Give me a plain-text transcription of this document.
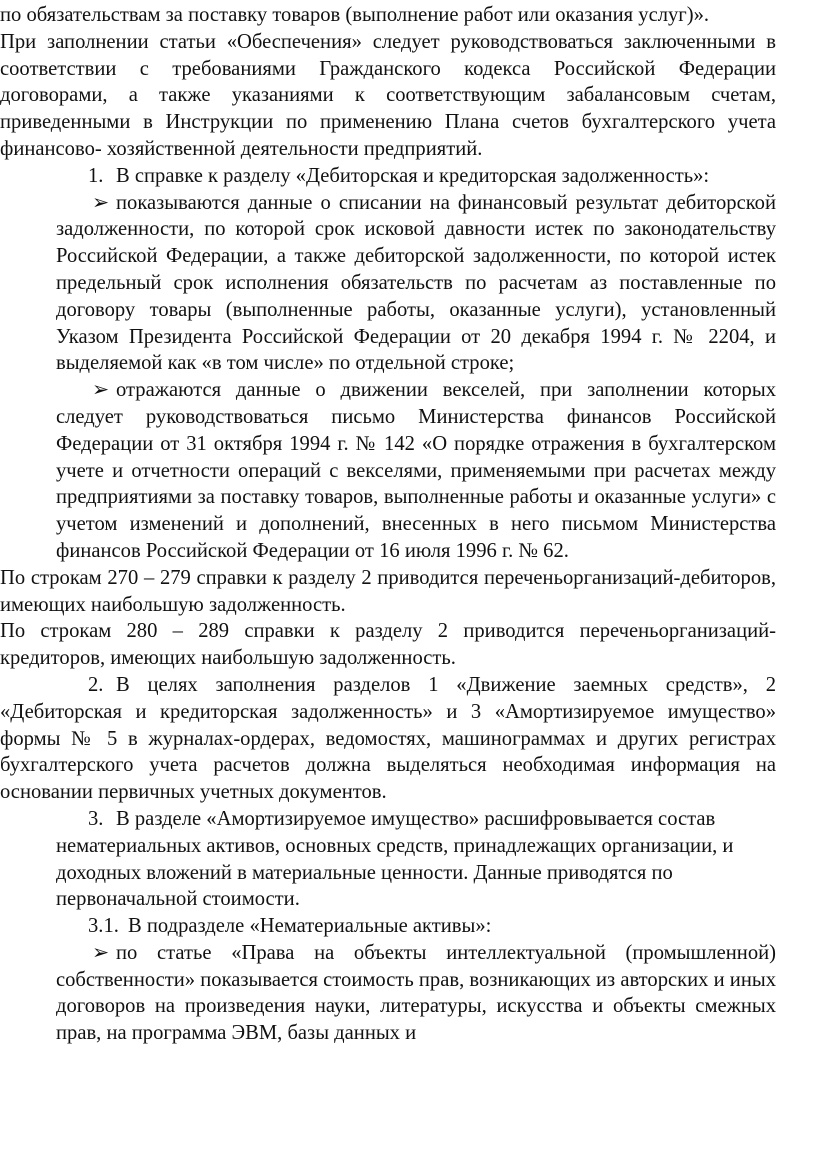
по обязательствам за поставку товаров (выполнение работ или оказания услуг)».

При заполнении статьи «Обеспечения» следует руководствоваться заключенными в соответствии с требованиями Гражданского кодекса Российской Федерации договорами, а также указаниями к соответствующим забалансовым счетам, приведенными в Инструкции по применению Плана счетов бухгалтерского учета финансово- хозяйственной деятельности предприятий.

1. В справке к разделу «Дебиторская и кредиторская задолженность»:

➢ показываются данные о списании на финансовый результат дебиторской задолженности, по которой срок исковой давности истек по законодательству Российской Федерации, а также дебиторской задолженности, по которой истек предельный срок исполнения обязательств по расчетам аз поставленные по договору товары (выполненные работы, оказанные услуги), установленный Указом Президента Российской Федерации от 20 декабря 1994 г. № 2204, и выделяемой как «в том числе» по отдельной строке;

➢ отражаются данные о движении векселей, при заполнении которых следует руководствоваться письмо Министерства финансов Российской Федерации от 31 октября 1994 г. № 142 «О порядке отражения в бухгалтерском учете и отчетности операций с векселями, применяемыми при расчетах между предприятиями за поставку товаров, выполненные работы и оказанные услуги» с учетом изменений и дополнений, внесенных в него письмом Министерства финансов Российской Федерации от 16 июля 1996 г. № 62.

По строкам 270 – 279 справки к разделу 2 приводится переченьорганизаций-дебиторов, имеющих наибольшую задолженность.

По строкам 280 – 289 справки к разделу 2 приводится переченьорганизаций-кредиторов, имеющих наибольшую задолженность.

2. В целях заполнения разделов 1 «Движение заемных средств», 2 «Дебиторская и кредиторская задолженность» и 3 «Амортизируемое имущество» формы № 5 в журналах-ордерах, ведомостях, машинограммах и других регистрах бухгалтерского учета расчетов должна выделяться необходимая информация на основании первичных учетных документов.

3. В разделе «Амортизируемое имущество» расшифровывается состав нематериальных активов, основных средств, принадлежащих организации, и доходных вложений в материальные ценности. Данные приводятся по первоначальной стоимости.

3.1. В подразделе «Нематериальные активы»:

➢ по статье «Права на объекты интеллектуальной (промышленной) собственности» показывается стоимость прав, возникающих из авторских и иных договоров на произведения науки, литературы, искусства и объекты смежных прав, на программа ЭВМ, базы данных и
